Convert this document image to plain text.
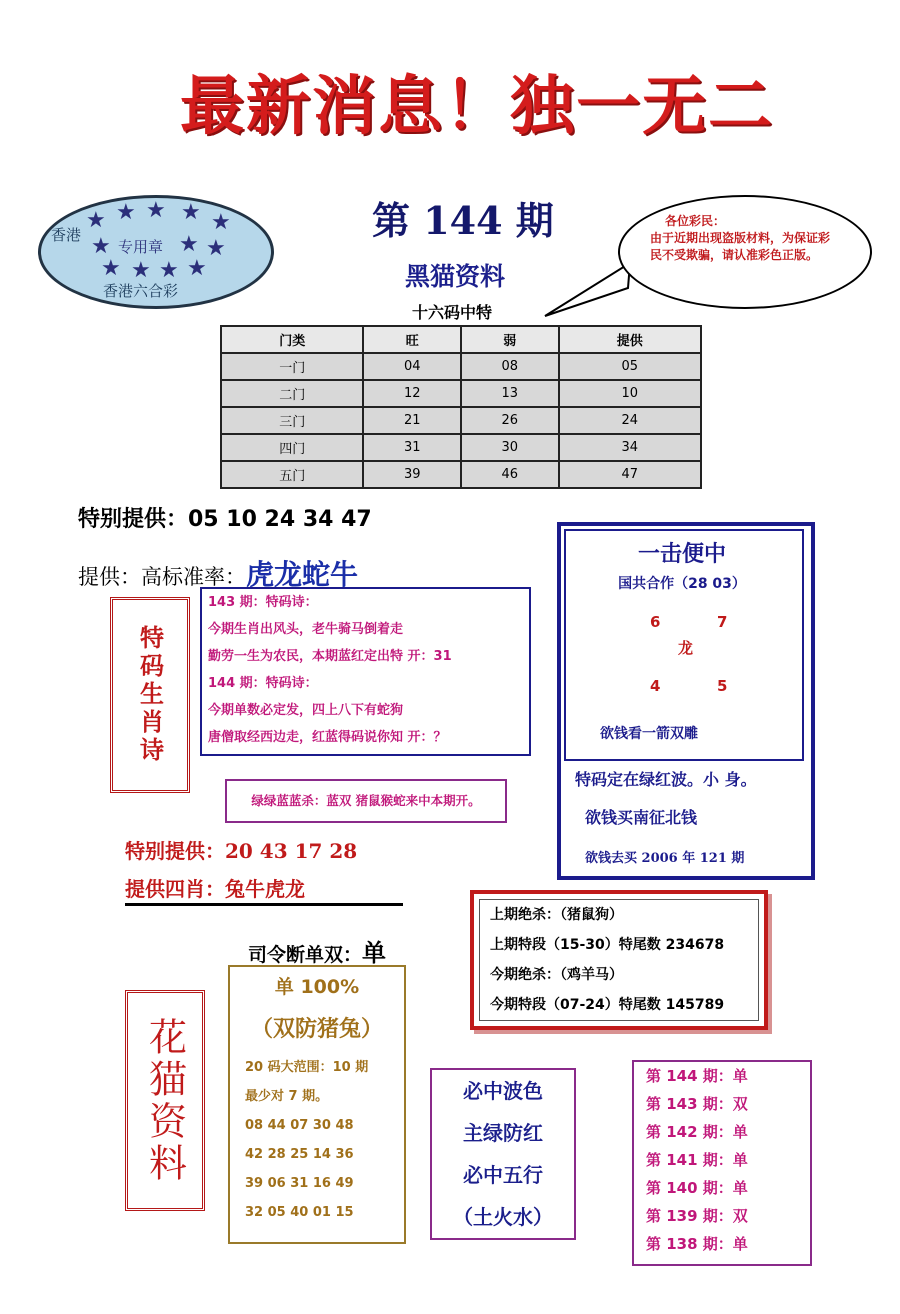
最新消息！独一无二
香港
★ ★ ★ ★ ★
★ 专用章 ★ ★
★ ★ ★ ★
香港六合彩
第 144 期
黑猫资料
十六码中特
各位彩民：
由于近期出现盗版材料，为保证彩民不受欺骗，请认准彩色正版。
门类	旺	弱	提供
一门	04	08	05
二门	12	13	10
三门	21	26	24
四门	31	30	34
五门	39	46	47
特别提供：05 10 24 34 47
提供：高标准率：虎龙蛇牛
特码生肖诗
143 期：特码诗：
今期生肖出风头，老牛骑马倒着走
勤劳一生为农民，本期蓝红定出特 开：31
144 期：特码诗：
今期单数必定发，四上八下有蛇狗
唐僧取经西边走，红蓝得码说你知 开：？
绿绿蓝蓝杀：蓝双 猪鼠猴蛇来中本期开。
一击便中
国共合作（28 03）
6	7
龙
4	5
欲钱看一箭双雕
特码定在绿红波。小 身。
欲钱买南征北钱
欲钱去买 2006 年 121 期
特别提供：20 43 17 28
提供四肖：兔牛虎龙
上期绝杀：（猪鼠狗）
上期特段（15-30）特尾数 234678
今期绝杀：（鸡羊马）
今期特段（07-24）特尾数 145789
司令断单双：单
花猫资料
单 100%
（双防猪兔）
20 码大范围：10 期
最少对 7 期。
08 44 07 30 48
42 28 25 14 36
39 06 31 16 49
32 05 40 01 15
必中波色
主绿防红
必中五行
（土火水）
第 144 期：单
第 143 期：双
第 142 期：单
第 141 期：单
第 140 期：单
第 139 期：双
第 138 期：单
